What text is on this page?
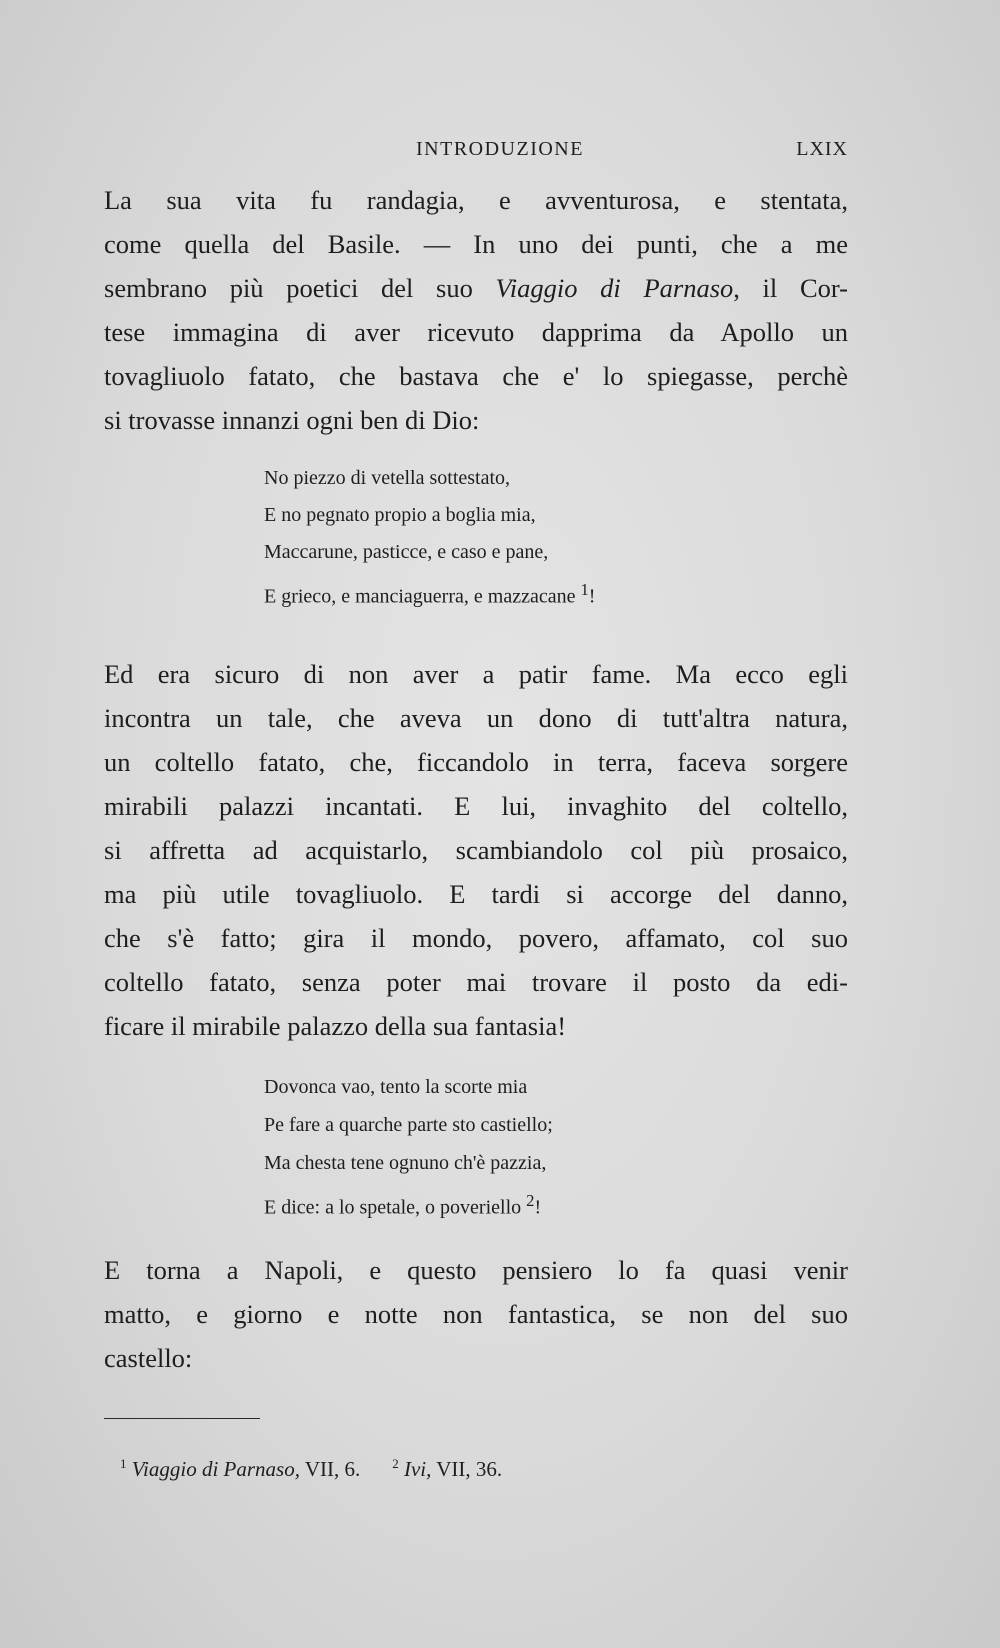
INTRODUZIONE	LXIX

La sua vita fu randagia, e avventurosa, e stentata,

come quella del Basile. — In uno dei punti, che a me

sembrano più poetici del suo Viaggio di Parnaso, il Cor-

tese immagina di aver ricevuto dapprima da Apollo un

tovagliuolo fatato, che bastava che e' lo spiegasse, perchè

si trovasse innanzi ogni ben di Dio:

No piezzo di vetella sottestato,
E no pegnato propio a boglia mia,
Maccarune, pasticce, e caso e pane,
E grieco, e manciaguerra, e mazzacane $^1$!

Ed era sicuro di non aver a patir fame. Ma ecco egli

incontra un tale, che aveva un dono di tutt'altra natura,

un coltello fatato, che, ficcandolo in terra, faceva sorgere

mirabili palazzi incantati. E lui, invaghito del coltello,

si affretta ad acquistarlo, scambiandolo col più prosaico,

ma più utile tovagliuolo. E tardi si accorge del danno,

che s'è fatto; gira il mondo, povero, affamato, col suo

coltello fatato, senza poter mai trovare il posto da edi-

ficare il mirabile palazzo della sua fantasia!

Dovonca vao, tento la scorte mia
Pe fare a quarche parte sto castiello;
Ma chesta tene ognuno ch'è pazzia,
E dice: a lo spetale, o poveriello $^2$!

E torna a Napoli, e questo pensiero lo fa quasi venir

matto, e giorno e notte non fantastica, se non del suo

castello:

$^1$ Viaggio di Parnaso, VII, 6. $^2$ Ivi, VII, 36.
